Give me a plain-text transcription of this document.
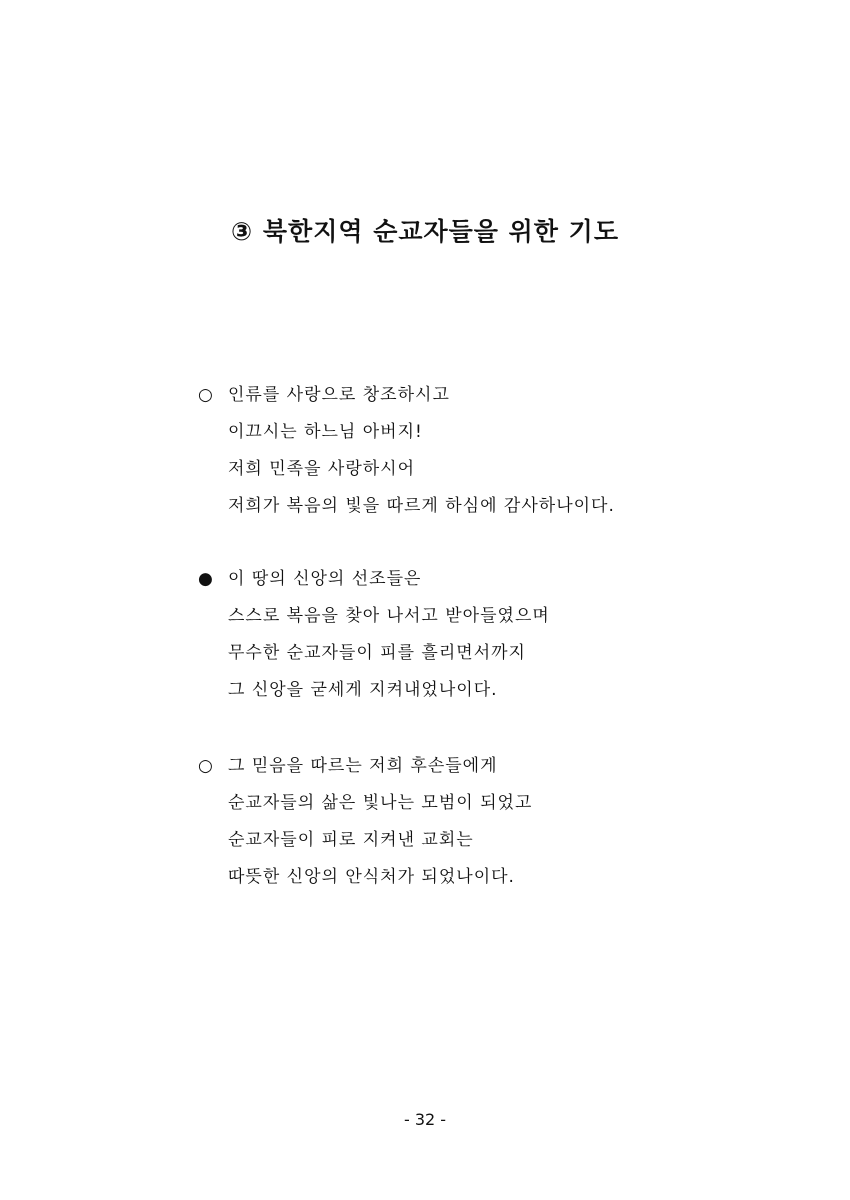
③ 북한지역 순교자들을 위한 기도
○ 인류를 사랑으로 창조하시고
이끄시는 하느님 아버지!
저희 민족을 사랑하시어
저희가 복음의 빛을 따르게 하심에 감사하나이다.
● 이 땅의 신앙의 선조들은
스스로 복음을 찾아 나서고 받아들였으며
무수한 순교자들이 피를 흘리면서까지
그 신앙을 굳세게 지켜내었나이다.
○ 그 믿음을 따르는 저희 후손들에게
순교자들의 삶은 빛나는 모범이 되었고
순교자들이 피로 지켜낸 교회는
따뜻한 신앙의 안식처가 되었나이다.
- 32 -
